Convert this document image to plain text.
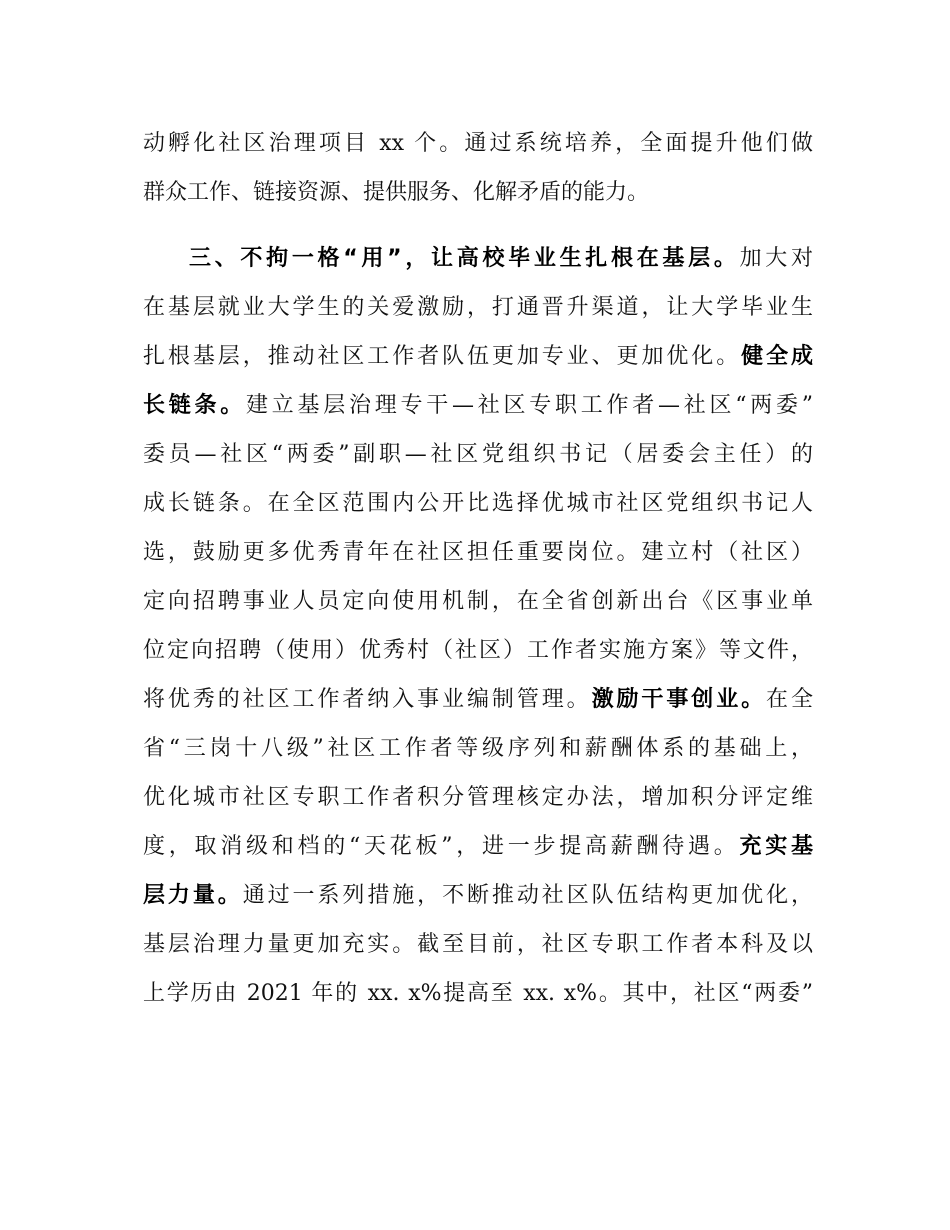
动孵化社区治理项目 xx 个。通过系统培养，全面提升他们做
群众工作、链接资源、提供服务、化解矛盾的能力。
三、不拘一格“用”，让高校毕业生扎根在基层。加大对
在基层就业大学生的关爱激励，打通晋升渠道，让大学毕业生
扎根基层，推动社区工作者队伍更加专业、更加优化。健全成
长链条。建立基层治理专干—社区专职工作者—社区“两委”
委员—社区“两委”副职—社区党组织书记（居委会主任）的
成长链条。在全区范围内公开比选择优城市社区党组织书记人
选，鼓励更多优秀青年在社区担任重要岗位。建立村（社区）
定向招聘事业人员定向使用机制，在全省创新出台《区事业单
位定向招聘（使用）优秀村（社区）工作者实施方案》等文件，
将优秀的社区工作者纳入事业编制管理。激励干事创业。在全
省“三岗十八级”社区工作者等级序列和薪酬体系的基础上，
优化城市社区专职工作者积分管理核定办法，增加积分评定维
度，取消级和档的“天花板”，进一步提高薪酬待遇。充实基
层力量。通过一系列措施，不断推动社区队伍结构更加优化，
基层治理力量更加充实。截至目前，社区专职工作者本科及以
上学历由 2021 年的 xx. x%提高至 xx. x%。其中，社区“两委”
